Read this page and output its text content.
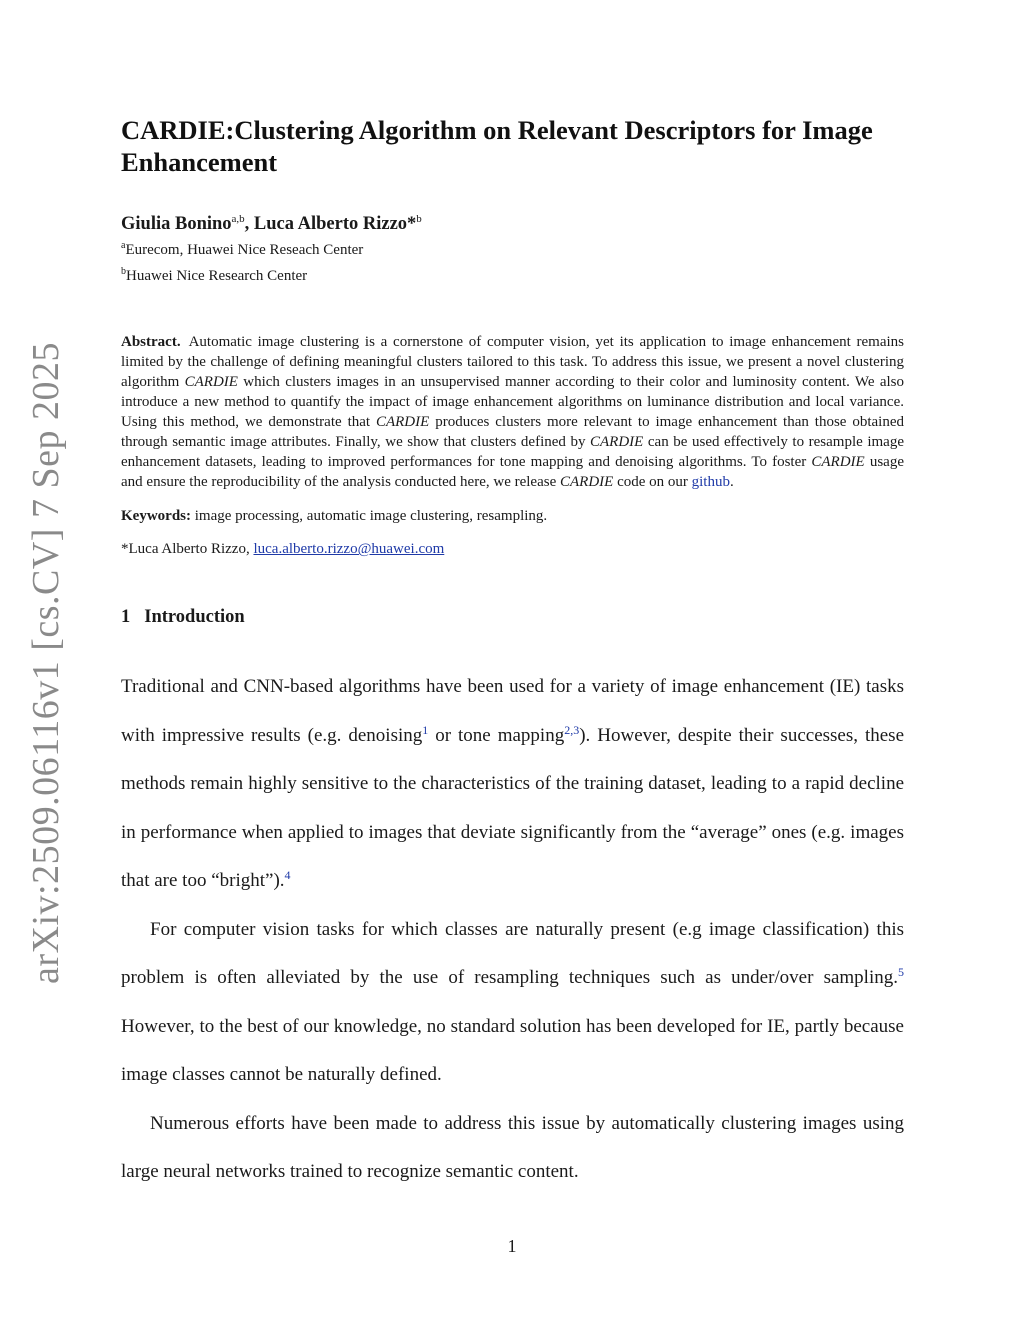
arXiv:2509.06116v1 [cs.CV] 7 Sep 2025
CARDIE:Clustering Algorithm on Relevant Descriptors for Image Enhancement
Giulia Bonino$^{a,b}$, Luca Alberto Rizzo*$^b$
$^a$Eurecom, Huawei Nice Reseach Center
$^b$Huawei Nice Research Center
Abstract. Automatic image clustering is a cornerstone of computer vision, yet its application to image enhancement remains limited by the challenge of defining meaningful clusters tailored to this task. To address this issue, we present a novel clustering algorithm CARDIE which clusters images in an unsupervised manner according to their color and luminosity content. We also introduce a new method to quantify the impact of image enhancement algorithms on luminance distribution and local variance. Using this method, we demonstrate that CARDIE produces clusters more relevant to image enhancement than those obtained through semantic image attributes. Finally, we show that clusters defined by CARDIE can be used effectively to resample image enhancement datasets, leading to improved performances for tone mapping and denoising algorithms. To foster CARDIE usage and ensure the reproducibility of the analysis conducted here, we release CARDIE code on our github.
Keywords: image processing, automatic image clustering, resampling.
*Luca Alberto Rizzo, luca.alberto.rizzo@huawei.com
1 Introduction

Traditional and CNN-based algorithms have been used for a variety of image enhancement (IE) tasks with impressive results (e.g. denoising$^1$ or tone mapping$^{2,3}$). However, despite their successes, these methods remain highly sensitive to the characteristics of the training dataset, leading to a rapid decline in performance when applied to images that deviate significantly from the “average” ones (e.g. images that are too “bright”).$^4$

For computer vision tasks for which classes are naturally present (e.g image classification) this problem is often alleviated by the use of resampling techniques such as under/over sampling.$^5$ However, to the best of our knowledge, no standard solution has been developed for IE, partly because image classes cannot be naturally defined.

Numerous efforts have been made to address this issue by automatically clustering images using large neural networks trained to recognize semantic content.

1
